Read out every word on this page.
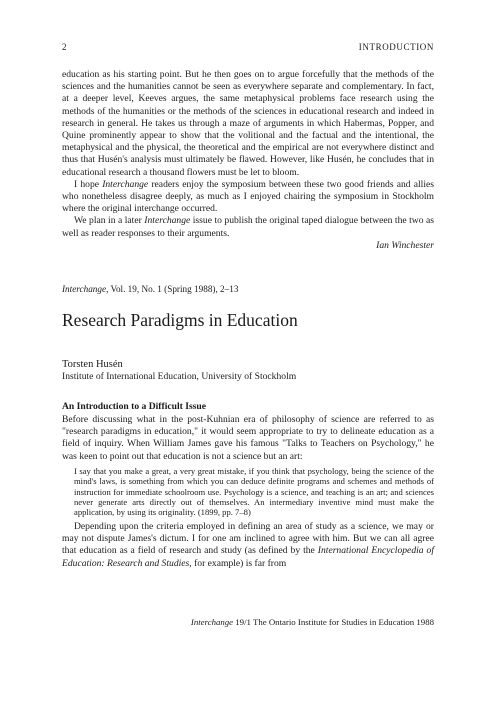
2	INTRODUCTION

education as his starting point. But he then goes on to argue forcefully that the methods of the sciences and the humanities cannot be seen as everywhere separate and complementary. In fact, at a deeper level, Keeves argues, the same metaphysical problems face research using the methods of the humanities or the methods of the sciences in educational research and indeed in research in general. He takes us through a maze of arguments in which Habermas, Popper, and Quine prominently appear to show that the volitional and the factual and the intentional, the metaphysical and the physical, the theoretical and the empirical are not everywhere distinct and thus that Husén's analysis must ultimately be flawed. However, like Husén, he concludes that in educational research a thousand flowers must be let to bloom.

I hope Interchange readers enjoy the symposium between these two good friends and allies who nonetheless disagree deeply, as much as I enjoyed chairing the symposium in Stockholm where the original interchange occurred.

We plan in a later Interchange issue to publish the original taped dialogue between the two as well as reader responses to their arguments.

Ian Winchester

Interchange, Vol. 19, No. 1 (Spring 1988), 2–13
Research Paradigms in Education
Torsten Husén
Institute of International Education, University of Stockholm
An Introduction to a Difficult Issue

Before discussing what in the post-Kuhnian era of philosophy of science are referred to as "research paradigms in education," it would seem appropriate to try to delineate education as a field of inquiry. When William James gave his famous "Talks to Teachers on Psychology," he was keen to point out that education is not a science but an art:

I say that you make a great, a very great mistake, if you think that psychology, being the science of the mind's laws, is something from which you can deduce definite programs and schemes and methods of instruction for immediate schoolroom use. Psychology is a science, and teaching is an art; and sciences never generate arts directly out of themselves. An intermediary inventive mind must make the application, by using its originality. (1899, pp. 7–8)

Depending upon the criteria employed in defining an area of study as a science, we may or may not dispute James's dictum. I for one am inclined to agree with him. But we can all agree that education as a field of research and study (as defined by the International Encyclopedia of Education: Research and Studies, for example) is far from

Interchange 19/1 The Ontario Institute for Studies in Education 1988
